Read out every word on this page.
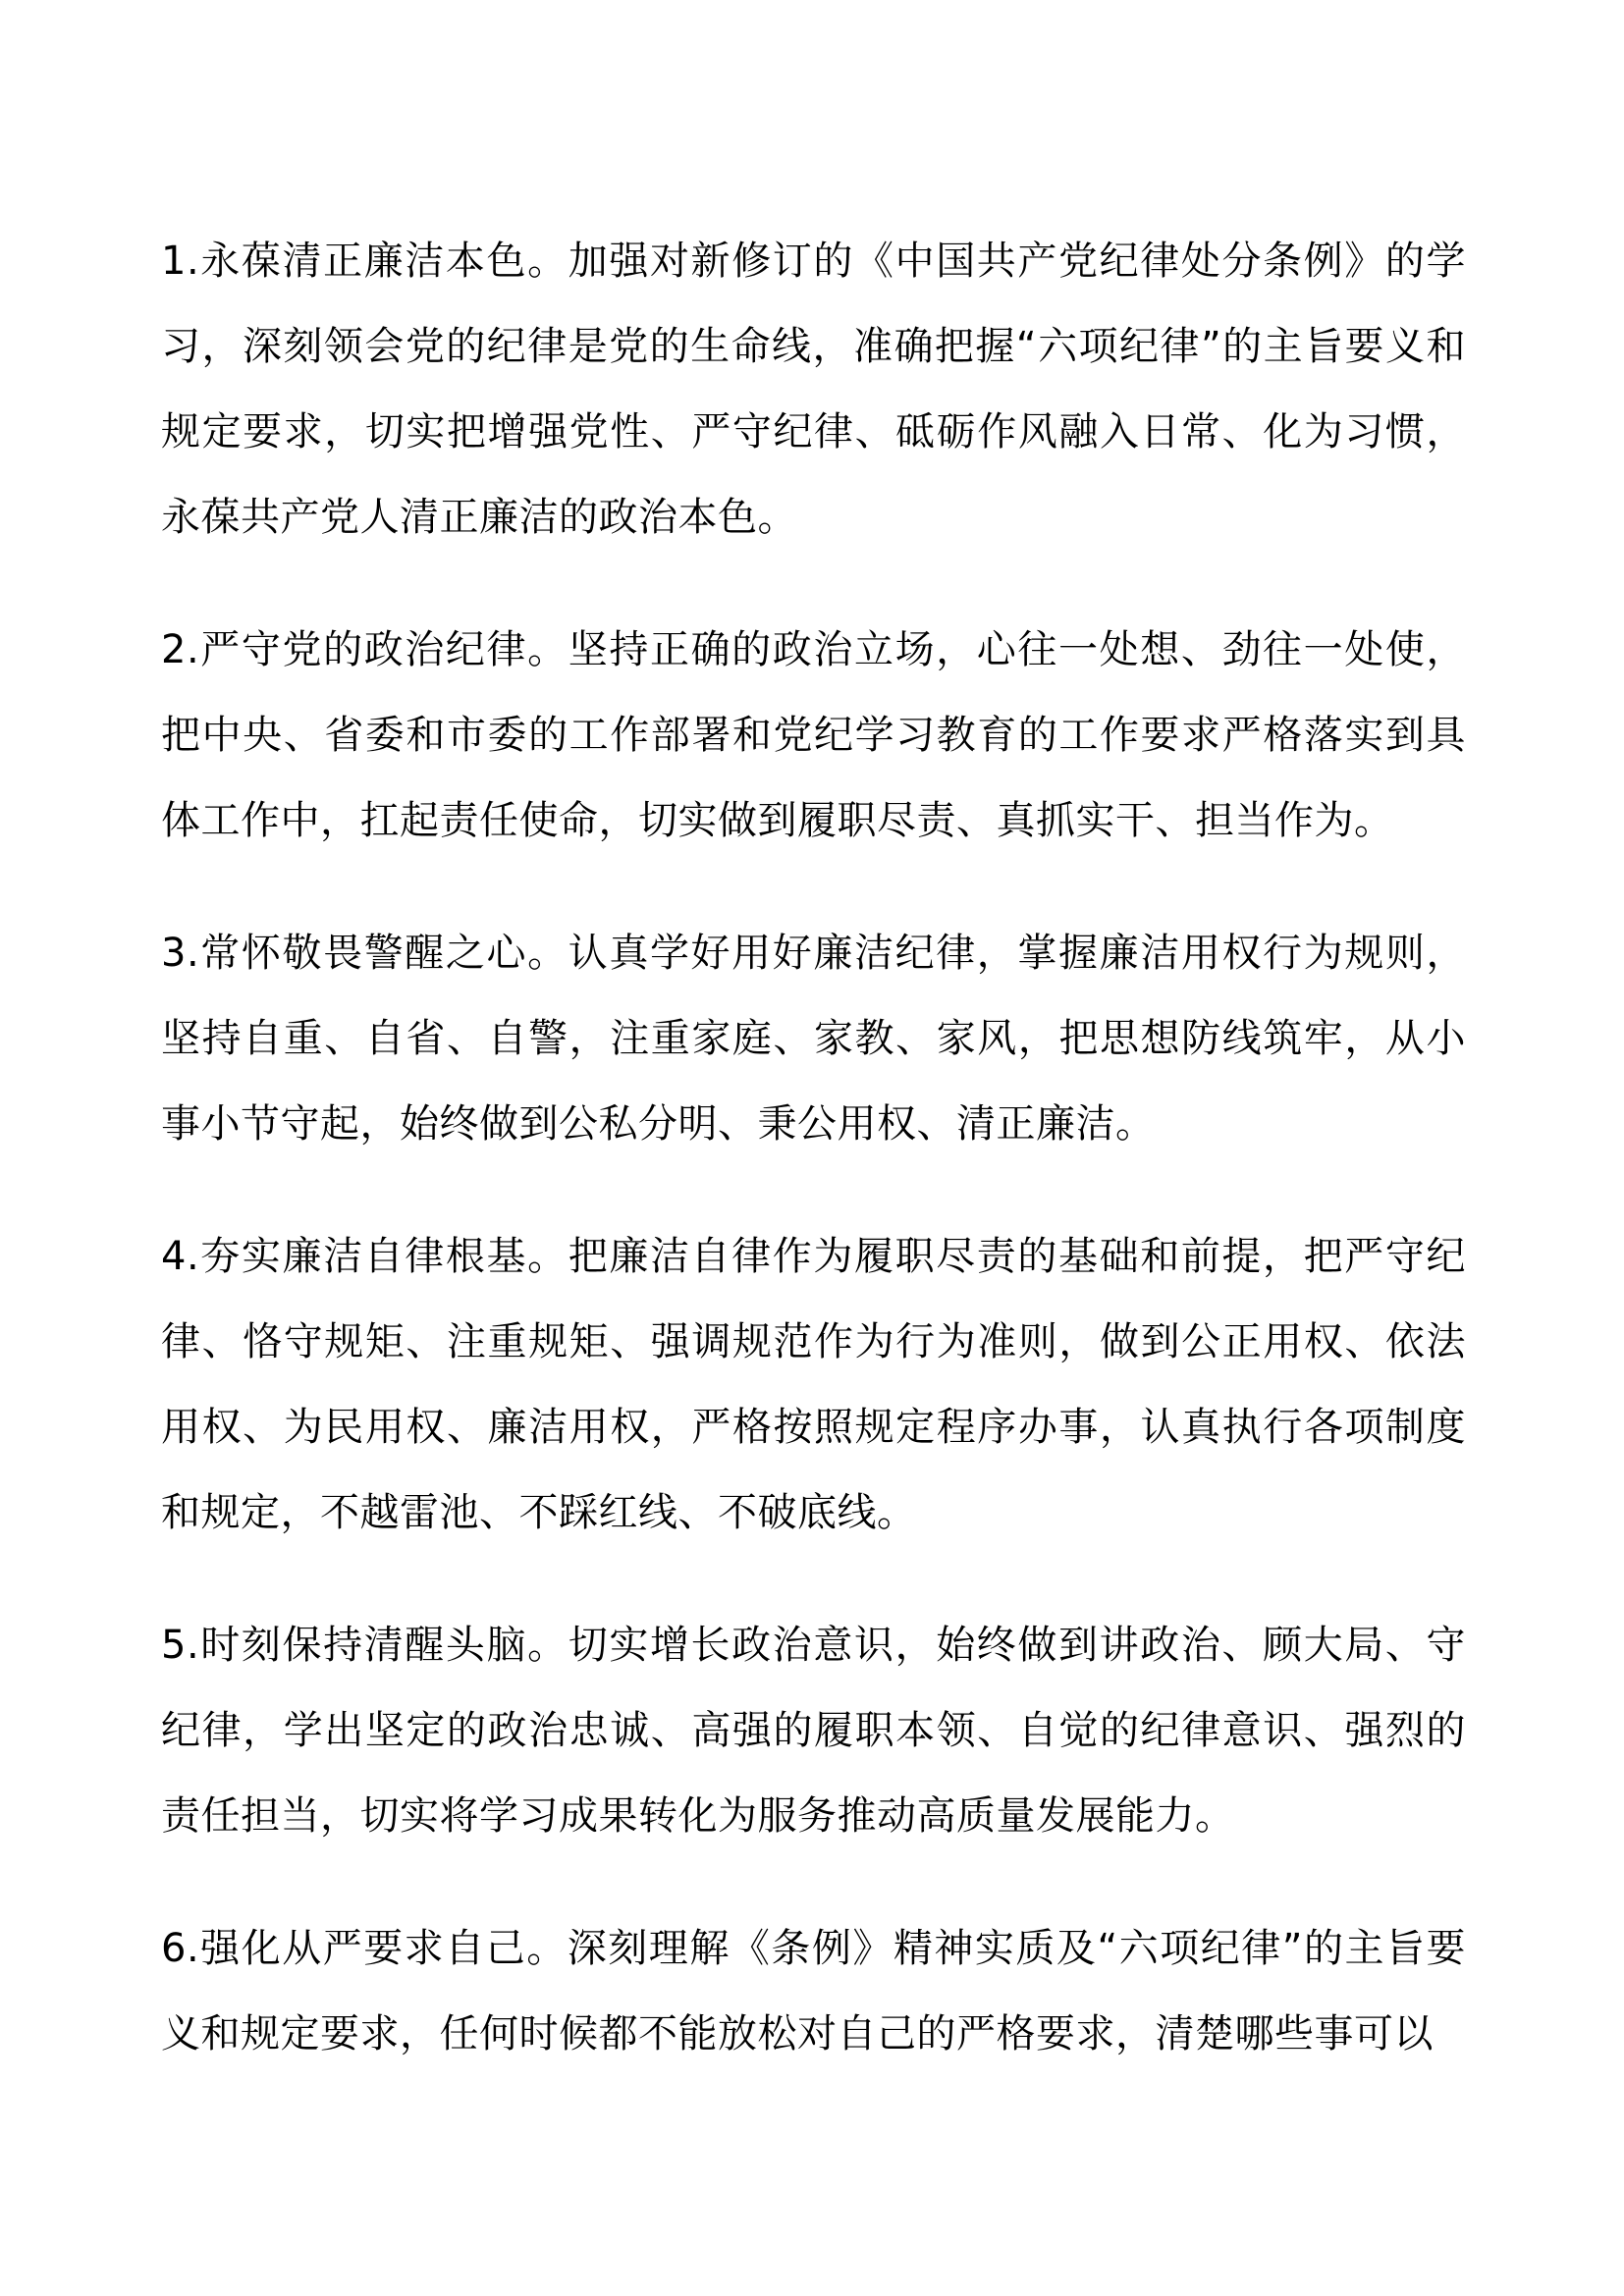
1.永葆清正廉洁本色。加强对新修订的《中国共产党纪律处分条例》的学
习，深刻领会党的纪律是党的生命线，准确把握“六项纪律”的主旨要义和
规定要求，切实把增强党性、严守纪律、砥砺作风融入日常、化为习惯，
永葆共产党人清正廉洁的政治本色。
2.严守党的政治纪律。坚持正确的政治立场，心往一处想、劲往一处使，
把中央、省委和市委的工作部署和党纪学习教育的工作要求严格落实到具
体工作中，扛起责任使命，切实做到履职尽责、真抓实干、担当作为。
3.常怀敬畏警醒之心。认真学好用好廉洁纪律，掌握廉洁用权行为规则，
坚持自重、自省、自警，注重家庭、家教、家风，把思想防线筑牢，从小
事小节守起，始终做到公私分明、秉公用权、清正廉洁。
4.夯实廉洁自律根基。把廉洁自律作为履职尽责的基础和前提，把严守纪
律、恪守规矩、注重规矩、强调规范作为行为准则，做到公正用权、依法
用权、为民用权、廉洁用权，严格按照规定程序办事，认真执行各项制度
和规定，不越雷池、不踩红线、不破底线。
5.时刻保持清醒头脑。切实增长政治意识，始终做到讲政治、顾大局、守
纪律，学出坚定的政治忠诚、高强的履职本领、自觉的纪律意识、强烈的
责任担当，切实将学习成果转化为服务推动高质量发展能力。
6.强化从严要求自己。深刻理解《条例》精神实质及“六项纪律”的主旨要
义和规定要求，任何时候都不能放松对自己的严格要求，清楚哪些事可以
